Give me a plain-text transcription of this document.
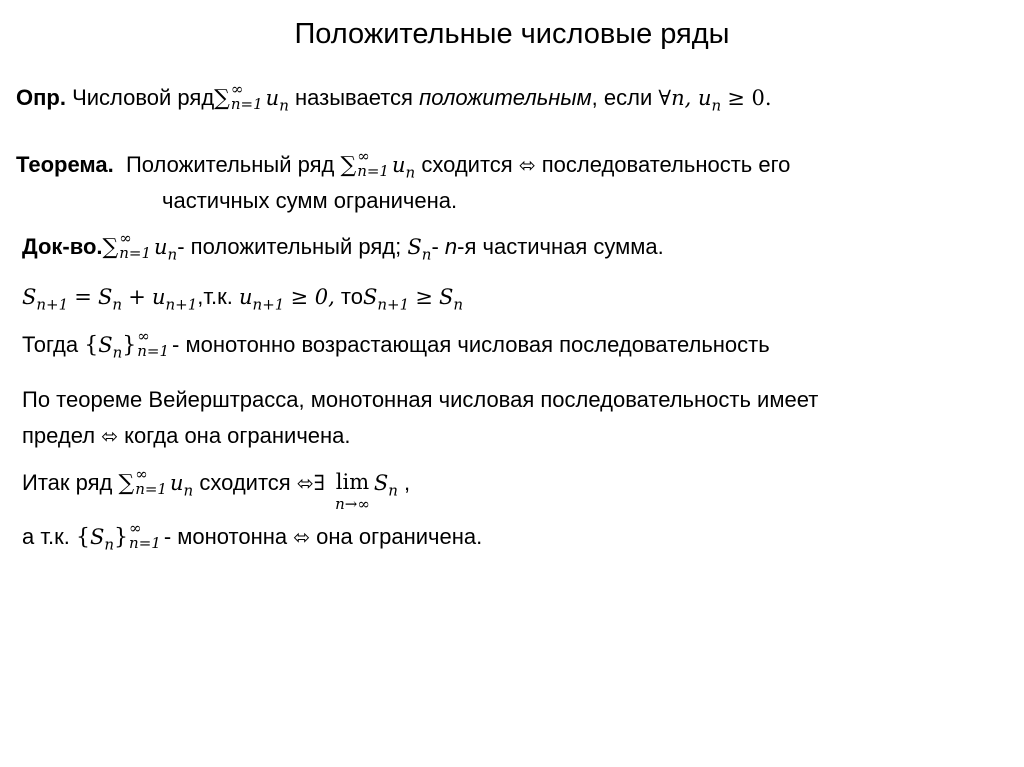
Положительные числовые ряды
Опр. Числовой ряд∑ ∞
n=1 $u_n$ называется положительным, если ∀n, $u_n \ge 0$.
Теорема. Положительный ряд ∑ ∞
n=1 $u_n$ сходится ⬄ последовательность его
частичных сумм ограничена.
Док-во.∑ ∞
n=1 $u_n-$ положительный ряд; $S_n-$ n-я частичная сумма.
$S_{n+1} = S_n + u_{n+1},т.к$. $u_{n+1} \ge 0$, $тоS_{n+1} \ge S_n$
Тогда $\{S_n\}$ ∞
n=1 - монотонно возрастающая числовая последовательность
По теореме Вейерштрасса, монотонная числовая последовательность имеет
предел ⬄ когда она ограничена.
Итак ряд ∑ ∞
n=1 $u_n$ сходится ⬄∃ lim
n→∞
$S_n$ ,
а т.к. $\{S_n\}$ ∞
n=1 - монотонна ⬄ она ограничена.
